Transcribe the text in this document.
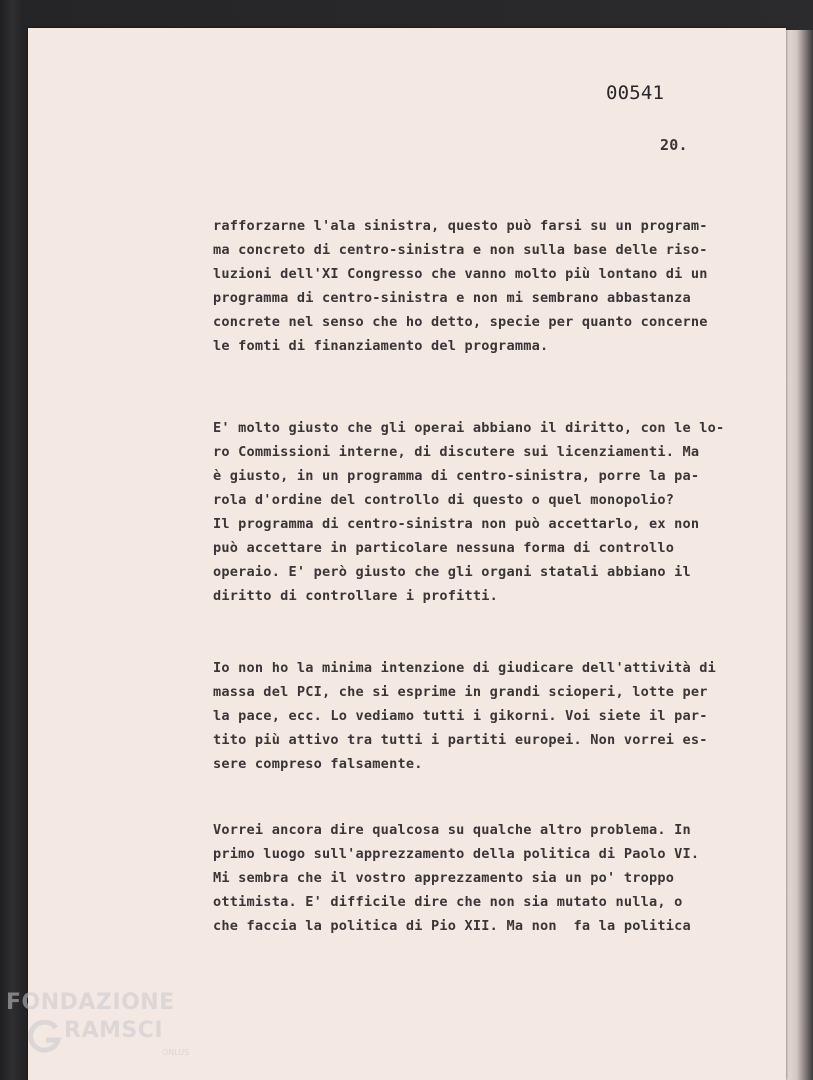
00541
20.
rafforzarne l'ala sinistra, questo può farsi su un program-
ma concreto di centro-sinistra e non sulla base delle riso-
luzioni dell'XI Congresso che vanno molto più lontano di un
programma di centro-sinistra e non mi sembrano abbastanza
concrete nel senso che ho detto, specie per quanto concerne
le fomti di finanziamento del programma.
E' molto giusto che gli operai abbiano il diritto, con le lo-
ro Commissioni interne, di discutere sui licenziamenti. Ma
è giusto, in un programma di centro-sinistra, porre la pa-
rola d'ordine del controllo di questo o quel monopolio?
Il programma di centro-sinistra non può accettarlo, ex non
può accettare in particolare nessuna forma di controllo
operaio. E' però giusto che gli organi statali abbiano il
diritto di controllare i profitti.
Io non ho la minima intenzione di giudicare dell'attività di
massa del PCI, che si esprime in grandi scioperi, lotte per
la pace, ecc. Lo vediamo tutti i gikorni. Voi siete il par-
tito più attivo tra tutti i partiti europei. Non vorrei es-
sere compreso falsamente.
Vorrei ancora dire qualcosa su qualche altro problema. In
primo luogo sull'apprezzamento della politica di Paolo VI.
Mi sembra che il vostro apprezzamento sia un po' troppo
ottimista. E' difficile dire che non sia mutato nulla, o
che faccia la politica di Pio XII. Ma non  fa la politica
FONDAZIONE
RAMSCI
ONLUS
